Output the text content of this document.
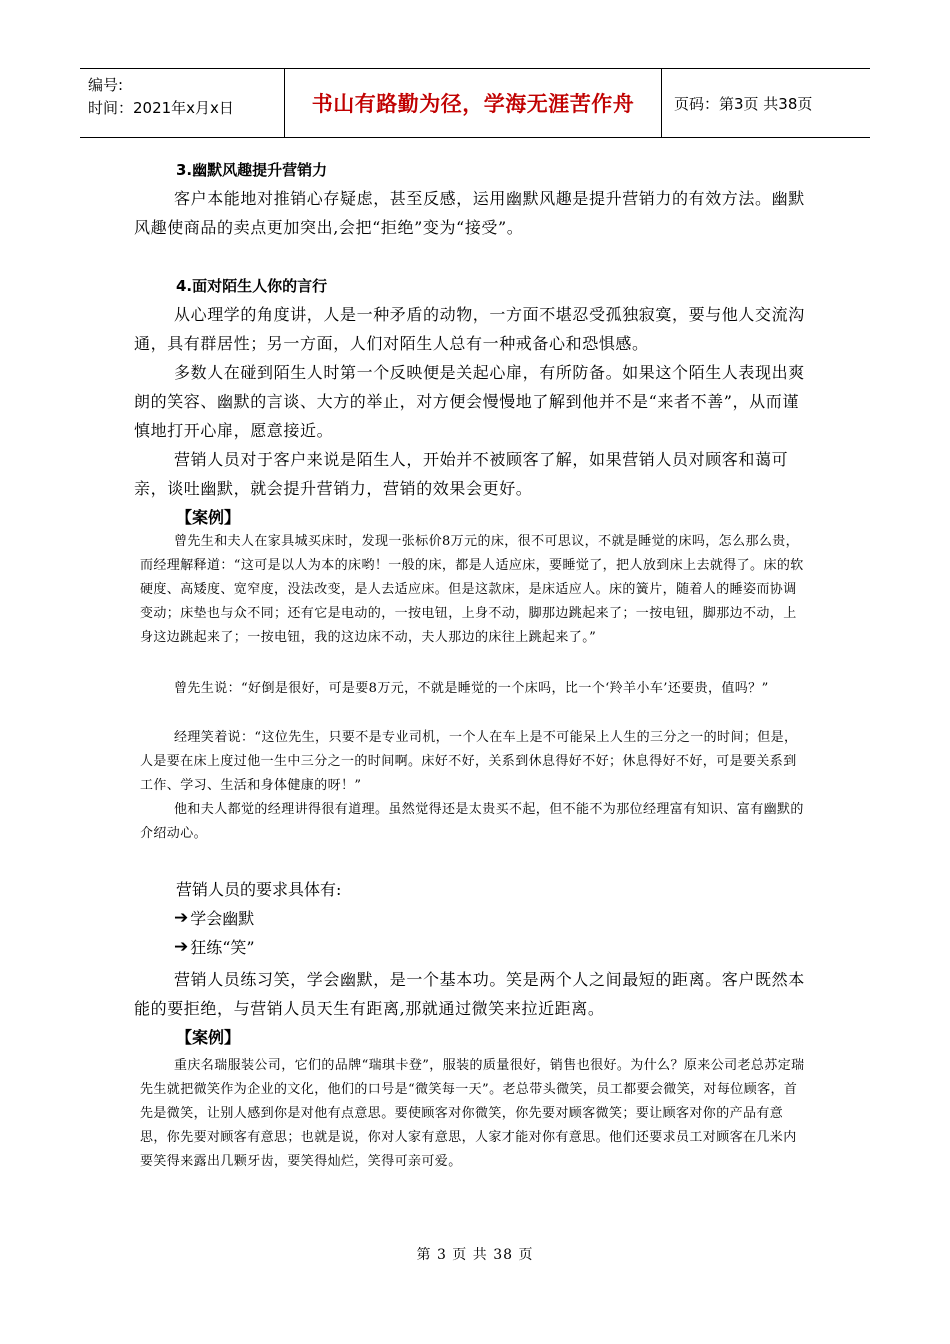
编号:
时间：2021年x月x日	书山有路勤为径，学海无涯苦作舟	页码：第3页 共38页
3.幽默风趣提升营销力

客户本能地对推销心存疑虑，甚至反感，运用幽默风趣是提升营销力的有效方法。幽默风趣使商品的卖点更加突出,会把“拒绝”变为“接受”。

4.面对陌生人你的言行

从心理学的角度讲，人是一种矛盾的动物，一方面不堪忍受孤独寂寞，要与他人交流沟通，具有群居性；另一方面，人们对陌生人总有一种戒备心和恐惧感。

多数人在碰到陌生人时第一个反映便是关起心扉，有所防备。如果这个陌生人表现出爽朗的笑容、幽默的言谈、大方的举止，对方便会慢慢地了解到他并不是“来者不善”，从而谨慎地打开心扉，愿意接近。

营销人员对于客户来说是陌生人，开始并不被顾客了解，如果营销人员对顾客和蔼可亲，谈吐幽默，就会提升营销力，营销的效果会更好。

【案例】

曾先生和夫人在家具城买床时，发现一张标价8万元的床，很不可思议，不就是睡觉的床吗，怎么那么贵，而经理解释道：“这可是以人为本的床哟！一般的床，都是人适应床，要睡觉了，把人放到床上去就得了。床的软硬度、高矮度、宽窄度，没法改变，是人去适应床。但是这款床，是床适应人。床的簧片，随着人的睡姿而协调变动；床垫也与众不同；还有它是电动的，一按电钮，上身不动，脚那边跳起来了；一按电钮，脚那边不动，上身这边跳起来了；一按电钮，我的这边床不动，夫人那边的床往上跳起来了。”

曾先生说：“好倒是很好，可是要8万元，不就是睡觉的一个床吗，比一个‘羚羊小车’还要贵，值吗？”

经理笑着说：“这位先生，只要不是专业司机，一个人在车上是不可能呆上人生的三分之一的时间；但是，人是要在床上度过他一生中三分之一的时间啊。床好不好，关系到休息得好不好；休息得好不好，可是要关系到工作、学习、生活和身体健康的呀！”

他和夫人都觉的经理讲得很有道理。虽然觉得还是太贵买不起，但不能不为那位经理富有知识、富有幽默的介绍动心。

营销人员的要求具体有:

➔ 学会幽默
➔ 狂练“笑”

营销人员练习笑，学会幽默，是一个基本功。笑是两个人之间最短的距离。客户既然本能的要拒绝，与营销人员天生有距离,那就通过微笑来拉近距离。

【案例】

重庆名瑞服装公司，它们的品牌“瑞琪卡登”，服装的质量很好，销售也很好。为什么？原来公司老总苏定瑞先生就把微笑作为企业的文化，他们的口号是“微笑每一天”。老总带头微笑，员工都要会微笑，对每位顾客，首先是微笑，让别人感到你是对他有点意思。要使顾客对你微笑，你先要对顾客微笑；要让顾客对你的产品有意思，你先要对顾客有意思；也就是说，你对人家有意思，人家才能对你有意思。他们还要求员工对顾客在几米内要笑得来露出几颗牙齿，要笑得灿烂，笑得可亲可爱。

第 3 页 共 38 页
